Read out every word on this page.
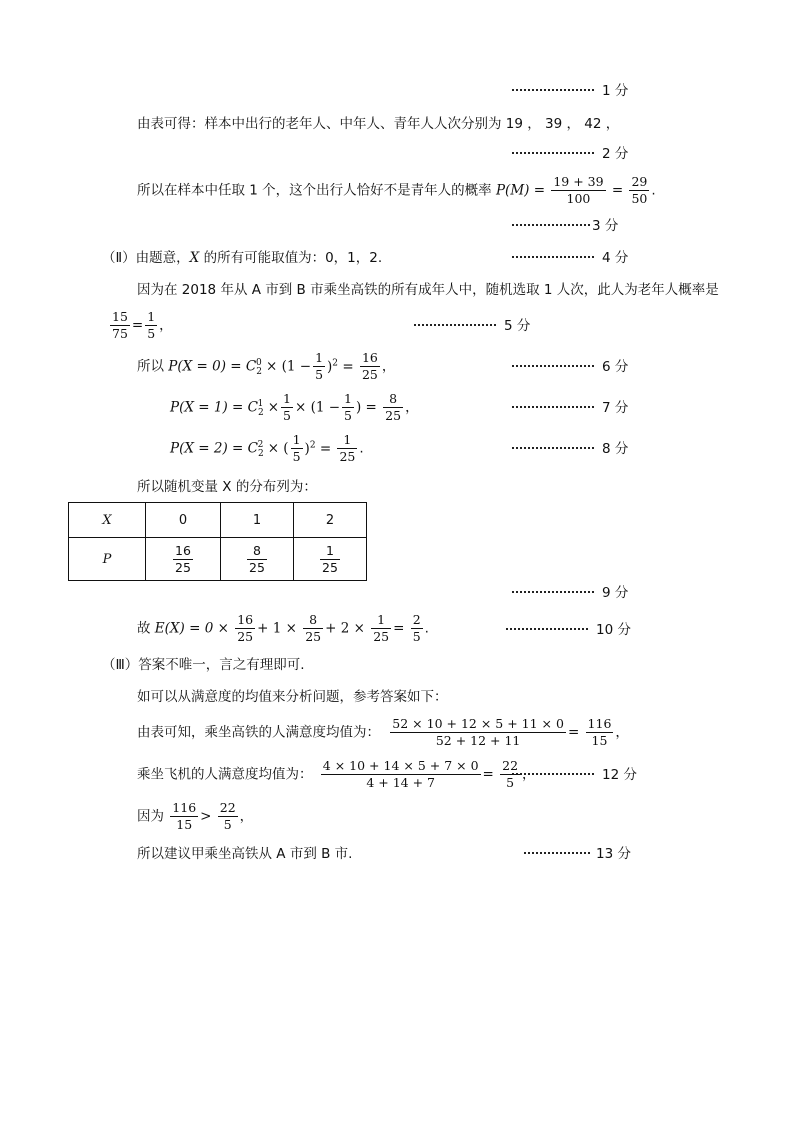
1 分
2 分
3 分
4 分
5 分
6 分
7 分
8 分
9 分
10 分
12 分
13 分
由表可得：样本中出行的老年人、中年人、青年人人次分别为 19 ， 39 ， 42 ，
所以在样本中任取 1 个，这个出行人恰好不是青年人的概率 $P(M) = \frac{19 + 39}{100} = \frac{29}{50}$ .
（Ⅱ）由题意，X 的所有可能取值为：0，1，2.
因为在 2018 年从 A 市到 B 市乘坐高铁的所有成年人中，随机选取 1 人次，此人为老年人概率是
$\frac{15}{75} = \frac{1}{5}$ ，
所以 $P(X = 0) = C_2^0 \times (1 - \frac{1}{5} )^2 = \frac{16}{25}$ ，
$P(X = 1) = C_2^1 \times \frac{1}{5} \times (1 - \frac{1}{5}$ ) = $\frac{8}{25}$ ，
$P(X = 2) = C_2^2$ × ( $\frac{1}{5} )^2 = \frac{1}{25}$ .
所以随机变量 X 的分布列为：
X	0	1	2
P	$\frac{16}{25}$	$\frac{8}{25}$	$\frac{1}{25}$
故 $E(X) = 0 \times \frac{16}{25} + 1 \times \frac{8}{25} + 2 \times \frac{1}{25} = \frac{2}{5}$ .
（Ⅲ）答案不唯一，言之有理即可.
如可以从满意度的均值来分析问题，参考答案如下：
由表可知，乘坐高铁的人满意度均值为： $\frac{52 \times 10 + 12 \times 5 + 11 \times 0}{52 + 12 + 11} = \frac{116}{15}$ ，
乘坐飞机的人满意度均值为： $\frac{4 \times 10 + 14 \times 5 + 7 \times 0}{4 + 14 + 7} = \frac{22}{5}$ ，
因为 $\frac{116}{15} > \frac{22}{5}$ ，
所以建议甲乘坐高铁从 A 市到 B 市.
